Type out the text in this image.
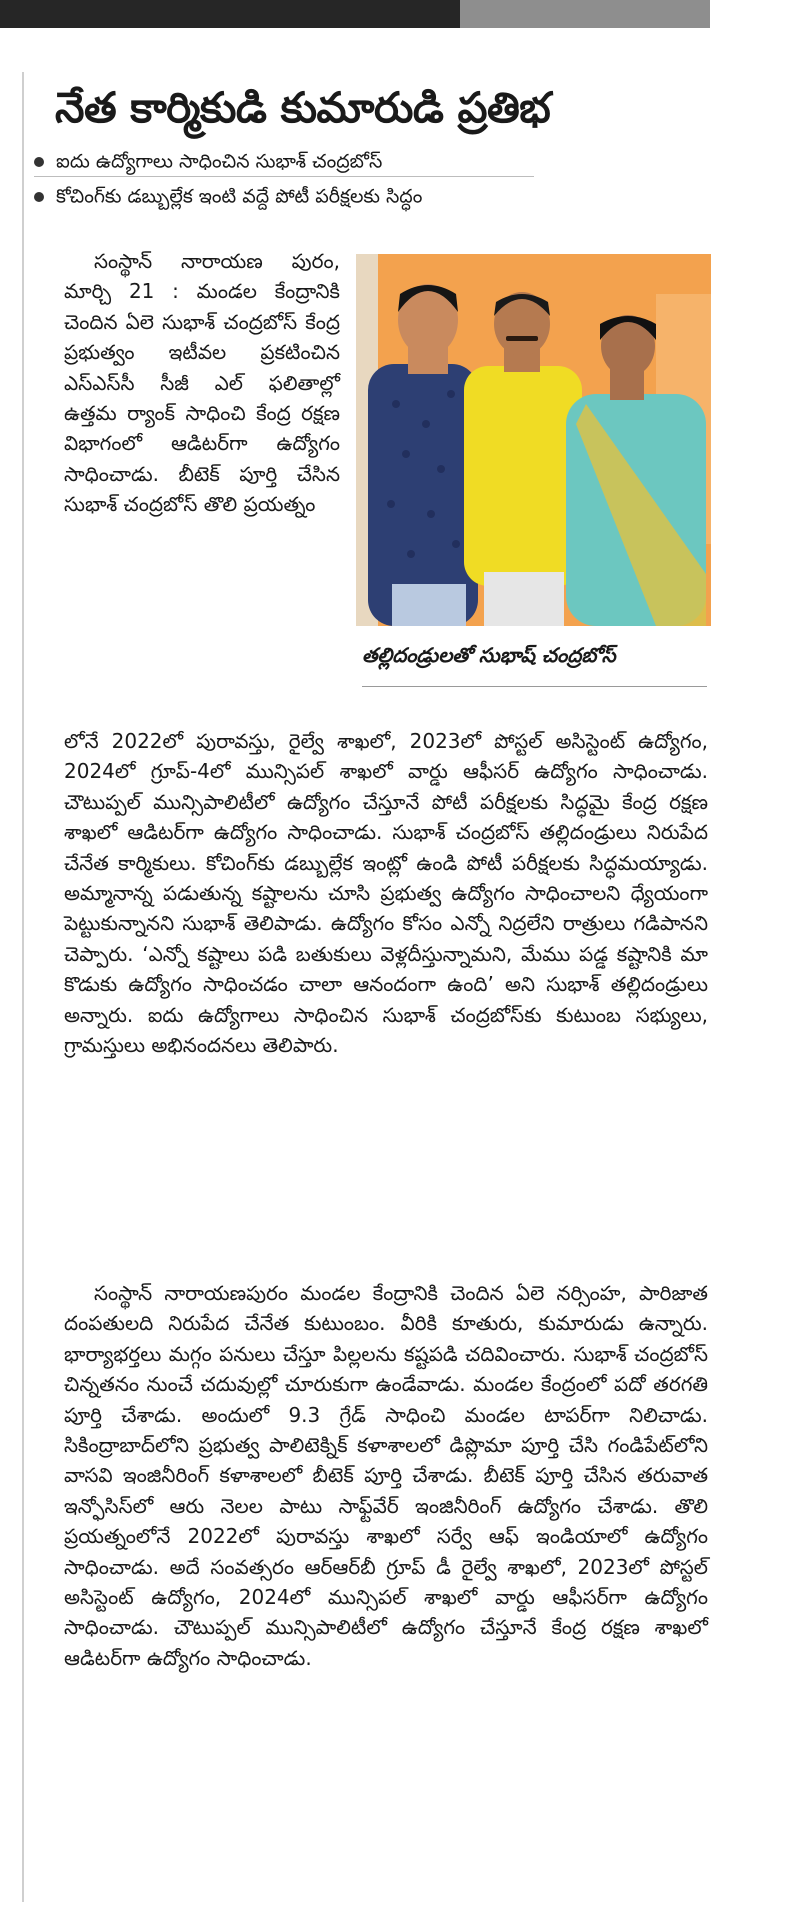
నేత కార్మికుడి కుమారుడి ప్రతిభ
ఐదు ఉద్యోగాలు సాధించిన సుభాశ్ చంద్రబోస్
కోచింగ్‌కు డబ్బుల్లేక ఇంటి వద్దే పోటీ పరీక్షలకు సిద్ధం
తల్లిదండ్రులతో సుభాష్ చంద్రబోస్

సంస్థాన్ నారాయణ పురం, మార్చి 21 : మండల కేంద్రానికి చెందిన ఏలె సుభాశ్ చంద్రబోస్ కేంద్ర ప్రభుత్వం ఇటీవల ప్రకటించిన ఎస్ఎస్‌సీ సీజీ ఎల్ ఫలితాల్లో ఉత్తమ ర్యాంక్ సాధించి కేంద్ర రక్షణ విభాగంలో ఆడిటర్‌గా ఉద్యోగం సాధించాడు. బీటెక్ పూర్తి చేసిన సుభాశ్ చంద్రబోస్ తొలి ప్రయత్నం

లోనే 2022లో పురావస్తు, రైల్వే శాఖలో, 2023లో పోస్టల్ అసిస్టెంట్ ఉద్యోగం, 2024లో గ్రూప్-4లో మున్సిపల్ శాఖలో వార్డు ఆఫీసర్ ఉద్యోగం సాధించాడు. చౌటుప్పల్ మున్సిపాలిటీలో ఉద్యోగం చేస్తూనే పోటీ పరీక్షలకు సిద్ధమై కేంద్ర రక్షణ శాఖలో ఆడిటర్‌గా ఉద్యోగం సాధించాడు. సుభాశ్ చంద్రబోస్ తల్లిదండ్రులు నిరుపేద చేనేత కార్మికులు. కోచింగ్‌కు డబ్బుల్లేక ఇంట్లో ఉండి పోటీ పరీక్షలకు సిద్ధమయ్యాడు. అమ్మానాన్న పడుతున్న కష్టాలను చూసి ప్రభుత్వ ఉద్యోగం సాధించాలని ధ్యేయంగా పెట్టుకున్నానని సుభాశ్ తెలిపాడు. ఉద్యోగం కోసం ఎన్నో నిద్రలేని రాత్రులు గడిపానని చెప్పారు. ‘ఎన్నో కష్టాలు పడి బతుకులు వెళ్లదీస్తున్నామని, మేము పడ్డ కష్టానికి మా కొడుకు ఉద్యోగం సాధించడం చాలా ఆనందంగా ఉంది’ అని సుభాశ్ తల్లిదండ్రులు అన్నారు. ఐదు ఉద్యోగాలు సాధించిన సుభాశ్ చంద్రబోస్‌కు కుటుంబ సభ్యులు, గ్రామస్తులు అభినందనలు తెలిపారు.

సంస్థాన్ నారాయణపురం మండల కేంద్రానికి చెందిన ఏలె నర్సింహ, పారిజాత దంపతులది నిరుపేద చేనేత కుటుంబం. వీరికి కూతురు, కుమారుడు ఉన్నారు. భార్యాభర్తలు మగ్గం పనులు చేస్తూ పిల్లలను కష్టపడి చదివించారు. సుభాశ్ చంద్రబోస్ చిన్నతనం నుంచే చదువుల్లో చూరుకుగా ఉండేవాడు. మండల కేంద్రంలో పదో తరగతి పూర్తి చేశాడు. అందులో 9.3 గ్రేడ్ సాధించి మండల టాపర్‌గా నిలిచాడు. సికింద్రాబాద్‌లోని ప్రభుత్వ పాలిటెక్నిక్ కళాశాలలో డిప్లొమా పూర్తి చేసి గండిపేట్‌లోని వాసవి ఇంజినీరింగ్ కళాశాలలో బీటెక్ పూర్తి చేశాడు. బీటెక్ పూర్తి చేసిన తరువాత ఇన్ఫోసిస్‌లో ఆరు నెలల పాటు సాఫ్ట్‌వేర్ ఇంజినీరింగ్ ఉద్యోగం చేశాడు. తొలి ప్రయత్నంలోనే 2022లో పురావస్తు శాఖలో సర్వే ఆఫ్ ఇండియాలో ఉద్యోగం సాధించాడు. అదే సంవత్సరం ఆర్ఆర్‌బీ గ్రూప్ డీ రైల్వే శాఖలో, 2023లో పోస్టల్ అసిస్టెంట్ ఉద్యోగం, 2024లో మున్సిపల్ శాఖలో వార్డు ఆఫీసర్‌గా ఉద్యోగం సాధించాడు. చౌటుప్పల్ మున్సిపాలిటీలో ఉద్యోగం చేస్తూనే కేంద్ర రక్షణ శాఖలో ఆడిటర్‌గా ఉద్యోగం సాధించాడు.
